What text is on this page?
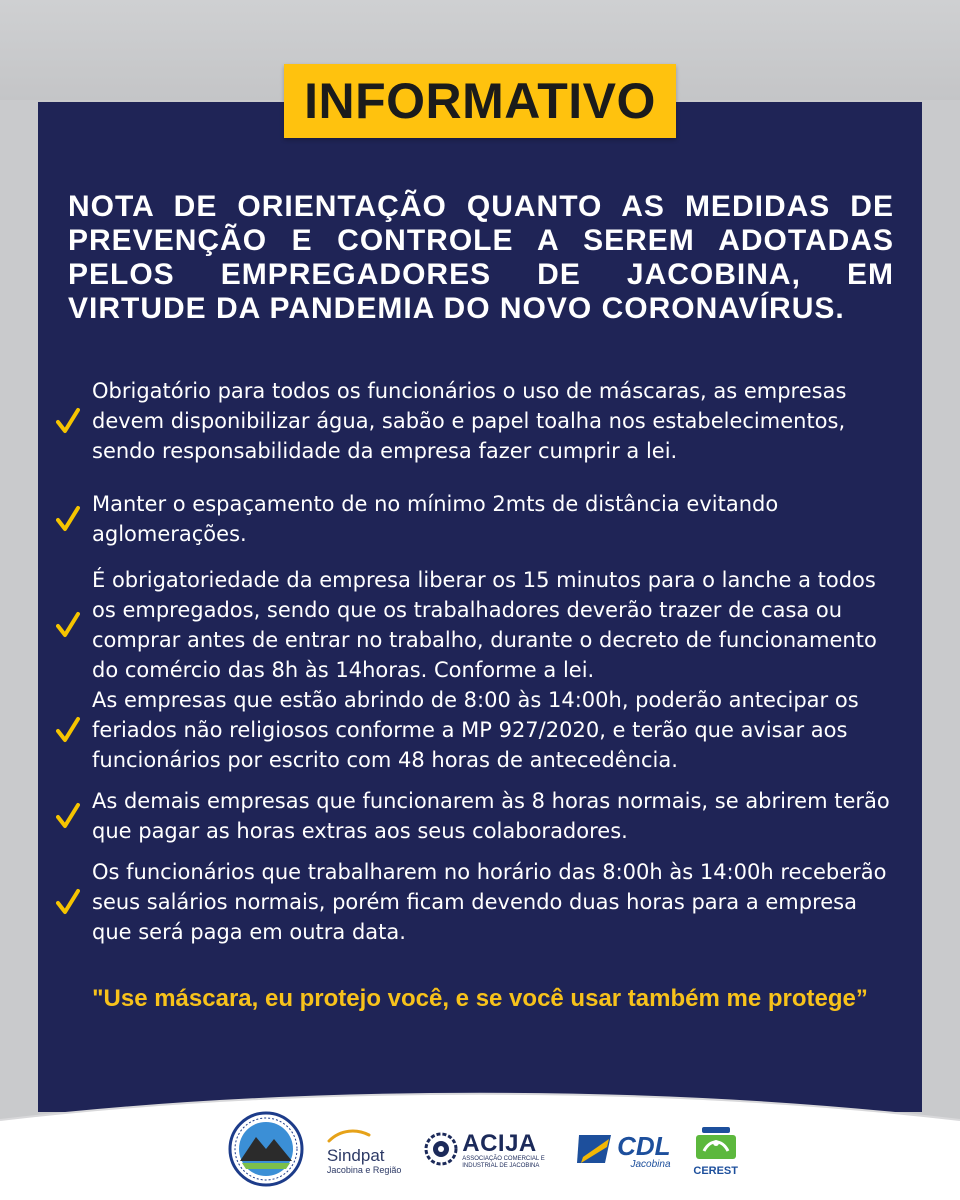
INFORMATIVO

NOTA DE ORIENTAÇÃO QUANTO AS MEDIDAS DE PREVENÇÃO E CONTROLE A SEREM ADOTADAS PELOS EMPREGADORES DE JACOBINA, EM VIRTUDE DA PANDEMIA DO NOVO CORONAVÍRUS.

Obrigatório para todos os funcionários o uso de máscaras, as empresas devem disponibilizar água, sabão e papel toalha nos estabelecimentos, sendo responsabilidade da empresa fazer cumprir a lei.
Manter o espaçamento de no mínimo 2mts de distância evitando aglomerações.
É obrigatoriedade da empresa liberar os 15 minutos para o lanche a todos os empregados, sendo que os trabalhadores deverão trazer de casa ou comprar antes de entrar no trabalho, durante o decreto de funcionamento do comércio das 8h às 14horas. Conforme a lei.
As empresas que estão abrindo de 8:00 às 14:00h, poderão antecipar os feriados não religiosos conforme a MP 927/2020, e terão que avisar aos funcionários por escrito com 48 horas de antecedência.
As demais empresas que funcionarem às 8 horas normais, se abrirem terão que pagar as horas extras aos seus colaboradores.
Os funcionários que trabalharem no horário das 8:00h às 14:00h receberão seus salários normais, porém ficam devendo duas horas para a empresa que será paga em outra data.

"Use máscara, eu protejo você, e se você usar também me protege”

Sindpat
Jacobina e Região
ACIJA
ASSOCIAÇÃO COMERCIAL E INDUSTRIAL DE JACOBINA
CDL
Jacobina
CEREST
